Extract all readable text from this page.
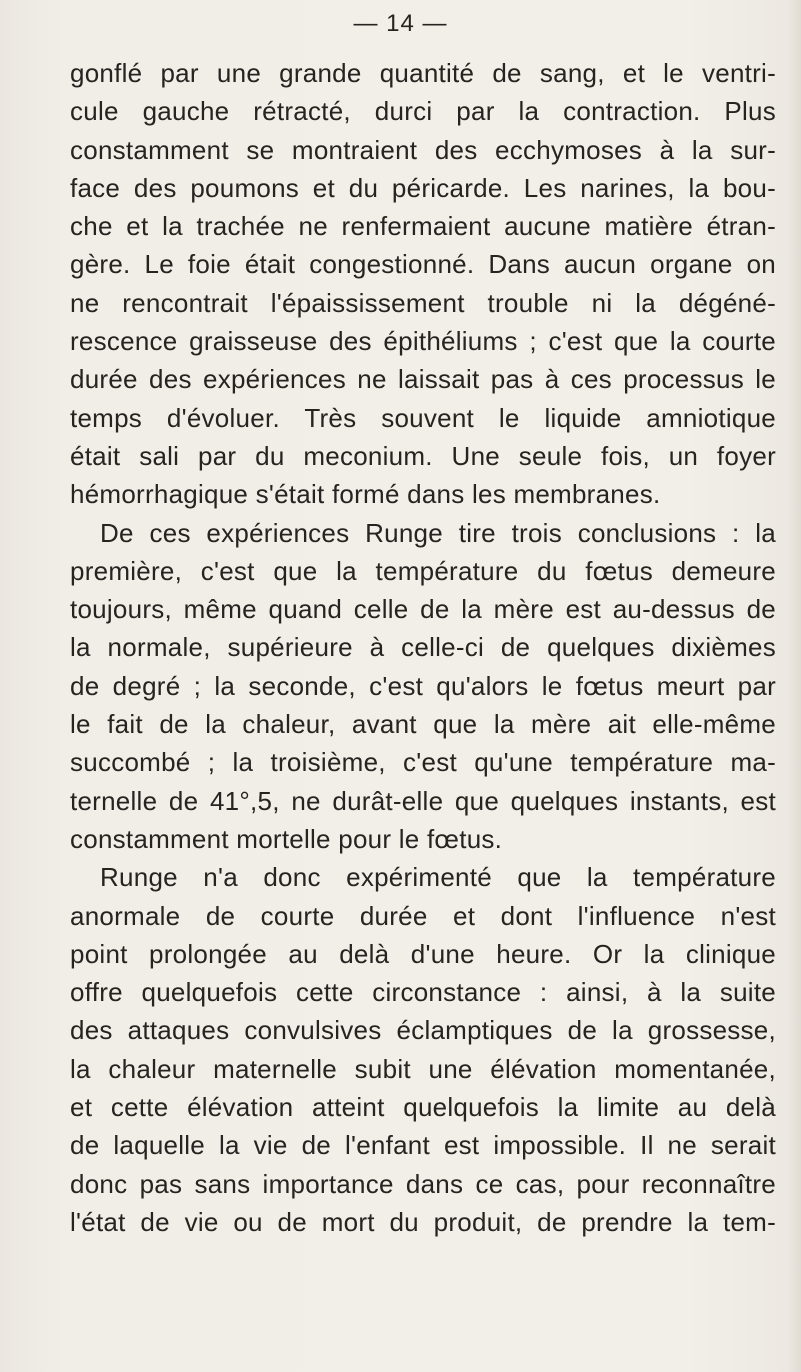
— 14 —
gonflé par une grande quantité de sang, et le ventri-
cule gauche rétracté, durci par la contraction. Plus
constamment se montraient des ecchymoses à la sur-
face des poumons et du péricarde. Les narines, la bou-
che et la trachée ne renfermaient aucune matière étran-
gère. Le foie était congestionné. Dans aucun organe on
ne rencontrait l'épaississement trouble ni la dégéné-
rescence graisseuse des épithéliums ; c'est que la courte
durée des expériences ne laissait pas à ces processus le
temps d'évoluer. Très souvent le liquide amniotique
était sali par du meconium. Une seule fois, un foyer
hémorrhagique s'était formé dans les membranes.
De ces expériences Runge tire trois conclusions : la
première, c'est que la température du fœtus demeure
toujours, même quand celle de la mère est au-dessus de
la normale, supérieure à celle-ci de quelques dixièmes
de degré ; la seconde, c'est qu'alors le fœtus meurt par
le fait de la chaleur, avant que la mère ait elle-même
succombé ; la troisième, c'est qu'une température ma-
ternelle de 41°,5, ne durât-elle que quelques instants, est
constamment mortelle pour le fœtus.
Runge n'a donc expérimenté que la température
anormale de courte durée et dont l'influence n'est
point prolongée au delà d'une heure. Or la clinique
offre quelquefois cette circonstance : ainsi, à la suite
des attaques convulsives éclamptiques de la grossesse,
la chaleur maternelle subit une élévation momentanée,
et cette élévation atteint quelquefois la limite au delà
de laquelle la vie de l'enfant est impossible. Il ne serait
donc pas sans importance dans ce cas, pour reconnaître
l'état de vie ou de mort du produit, de prendre la tem-
